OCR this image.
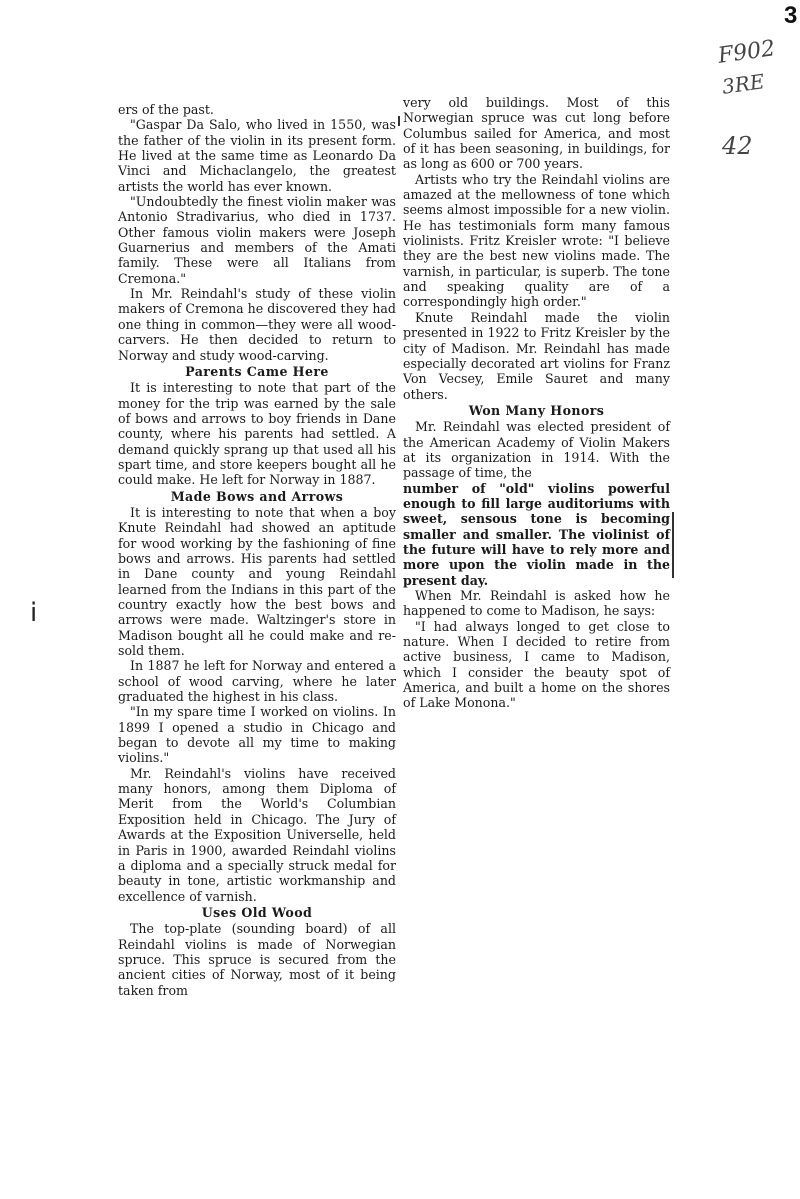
3
F902
3RE
42
ⅰ

ers of the past.

"Gaspar Da Salo, who lived in 1550, was the father of the violin in its present form. He lived at the same time as Leonardo Da Vinci and Michaclangelo, the greatest artists the world has ever known.

"Undoubtedly the finest violin maker was Antonio Stradivarius, who died in 1737. Other famous violin makers were Joseph Guarnerius and members of the Amati family. These were all Italians from Cremona."

In Mr. Reindahl's study of these violin makers of Cremona he discovered they had one thing in common—they were all wood-carvers. He then decided to return to Norway and study wood-carving.

Parents Came Here

It is interesting to note that part of the money for the trip was earned by the sale of bows and arrows to boy friends in Dane county, where his parents had settled. A demand quickly sprang up that used all his spart time, and store keepers bought all he could make. He left for Norway in 1887.

Made Bows and Arrows

It is interesting to note that when a boy Knute Reindahl had showed an aptitude for wood working by the fashioning of fine bows and arrows. His parents had settled in Dane county and young Reindahl learned from the Indians in this part of the country exactly how the best bows and arrows were made. Waltzinger's store in Madison bought all he could make and re-sold them.

In 1887 he left for Norway and entered a school of wood carving, where he later graduated the highest in his class.

"In my spare time I worked on violins. In 1899 I opened a studio in Chicago and began to devote all my time to making violins."

Mr. Reindahl's violins have received many honors, among them Diploma of Merit from the World's Columbian Exposition held in Chicago. The Jury of Awards at the Exposition Universelle, held in Paris in 1900, awarded Reindahl violins a diploma and a specially struck medal for beauty in tone, artistic workmanship and excellence of varnish.

Uses Old Wood

The top-plate (sounding board) of all Reindahl violins is made of Norwegian spruce. This spruce is secured from the ancient cities of Norway, most of it being taken from

very old buildings. Most of this Norwegian spruce was cut long before Columbus sailed for America, and most of it has been seasoning, in buildings, for as long as 600 or 700 years.

Artists who try the Reindahl violins are amazed at the mellowness of tone which seems almost impossible for a new violin. He has testimonials form many famous violinists. Fritz Kreisler wrote: "I believe they are the best new violins made. The varnish, in particular, is superb. The tone and speaking quality are of a correspondingly high order."

Knute Reindahl made the violin presented in 1922 to Fritz Kreisler by the city of Madison. Mr. Reindahl has made especially decorated art violins for Franz Von Vecsey, Emile Sauret and many others.

Won Many Honors

Mr. Reindahl was elected president of the American Academy of Violin Makers at its organization in 1914. With the passage of time, the

number of "old" violins powerful enough to fill large auditoriums with sweet, sensous tone is becoming smaller and smaller. The violinist of the future will have to rely more and more upon the violin made in the present day.

When Mr. Reindahl is asked how he happened to come to Madison, he says:

"I had always longed to get close to nature. When I decided to retire from active business, I came to Madison, which I consider the beauty spot of America, and built a home on the shores of Lake Monona."
